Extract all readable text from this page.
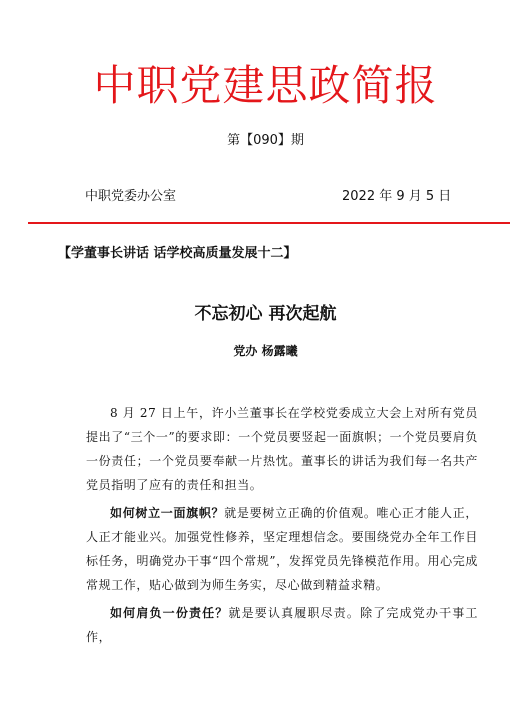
中职党建思政简报
第【090】期
中职党委办公室	2022 年 9 月 5 日
【学董事长讲话 话学校高质量发展十二】
不忘初心 再次起航
党办 杨露曦

8 月 27 日上午，许小兰董事长在学校党委成立大会上对所有党员提出了“三个一”的要求即：一个党员要竖起一面旗帜；一个党员要肩负一份责任；一个党员要奉献一片热忱。董事长的讲话为我们每一名共产党员指明了应有的责任和担当。

如何树立一面旗帜？就是要树立正确的价值观。唯心正才能人正，人正才能业兴。加强党性修养，坚定理想信念。要围绕党办全年工作目标任务，明确党办干事“四个常规”，发挥党员先锋模范作用。用心完成常规工作，贴心做到为师生务实，尽心做到精益求精。

如何肩负一份责任？就是要认真履职尽责。除了完成党办干事工作，
